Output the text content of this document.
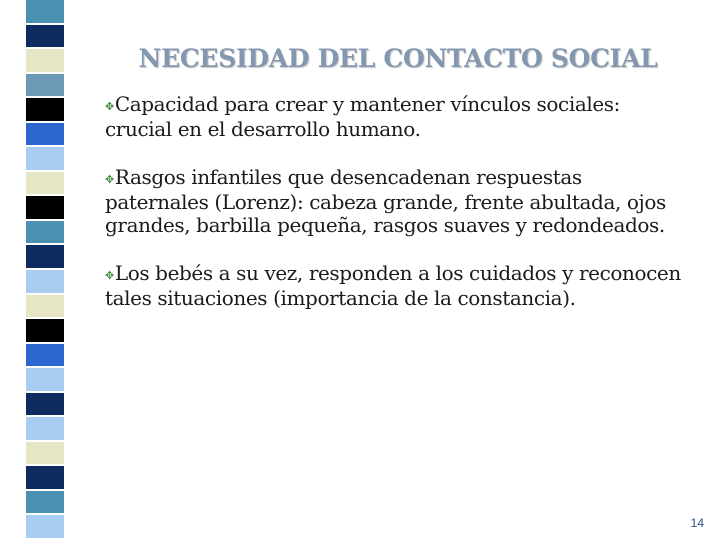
NECESIDAD DEL CONTACTO SOCIAL

✥Capacidad para crear y mantener vínculos sociales: crucial en el desarrollo humano.

✥Rasgos infantiles que desencadenan respuestas paternales (Lorenz): cabeza grande, frente abultada, ojos grandes, barbilla pequeña, rasgos suaves y redondeados.

✥Los bebés a su vez, responden a los cuidados y reconocen tales situaciones (importancia de la constancia).

14
